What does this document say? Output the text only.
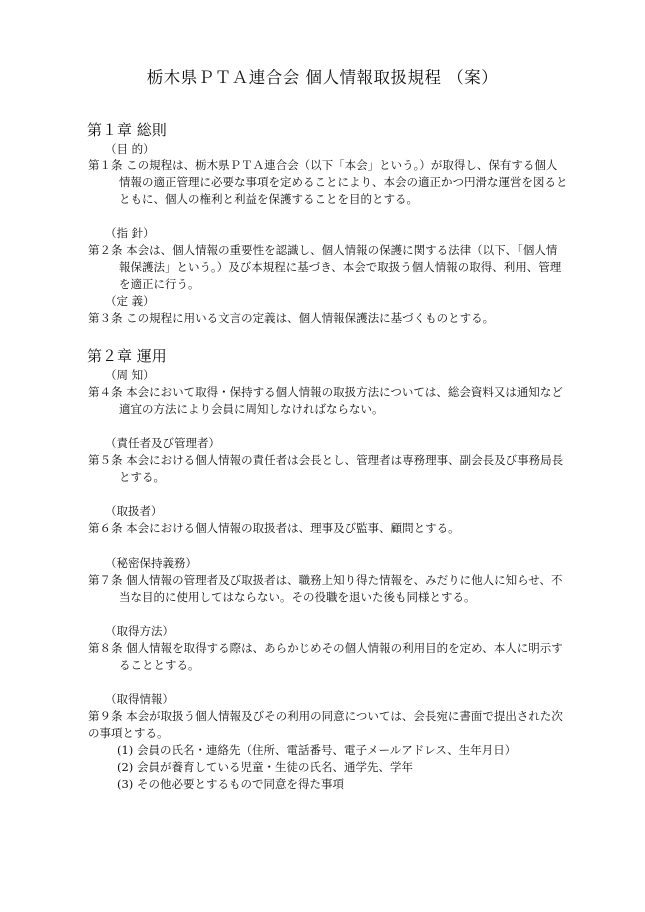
栃木県ＰＴＡ連合会 個人情報取扱規程 （案）
第１章 総則
（目 的）
第１条 この規程は、栃木県ＰＴＡ連合会（以下「本会」という。）が取得し、保有する個人
情報の適正管理に必要な事項を定めることにより、本会の適正かつ円滑な運営を図ると
ともに、個人の権利と利益を保護することを目的とする。
（指 針）
第２条 本会は、個人情報の重要性を認識し、個人情報の保護に関する法律（以下、「個人情
報保護法」という。）及び本規程に基づき、本会で取扱う個人情報の取得、利用、管理
を適正に行う。
（定 義）
第３条 この規程に用いる文言の定義は、個人情報保護法に基づくものとする。
第２章 運用
（周 知）
第４条 本会において取得・保持する個人情報の取扱方法については、総会資料又は通知など
適宜の方法により会員に周知しなければならない。
（責任者及び管理者）
第５条 本会における個人情報の責任者は会長とし、管理者は専務理事、副会長及び事務局長
とする。
（取扱者）
第６条 本会における個人情報の取扱者は、理事及び監事、顧問とする。
（秘密保持義務）
第７条 個人情報の管理者及び取扱者は、職務上知り得た情報を、みだりに他人に知らせ、不
当な目的に使用してはならない。その役職を退いた後も同様とする。
（取得方法）
第８条 個人情報を取得する際は、あらかじめその個人情報の利用目的を定め、本人に明示す
ることとする。
（取得情報）
第９条 本会が取扱う個人情報及びその利用の同意については、会長宛に書面で提出された次
の事項とする。
(1) 会員の氏名・連絡先（住所、電話番号、電子メールアドレス、生年月日）
(2) 会員が養育している児童・生徒の氏名、通学先、学年
(3) その他必要とするもので同意を得た事項
